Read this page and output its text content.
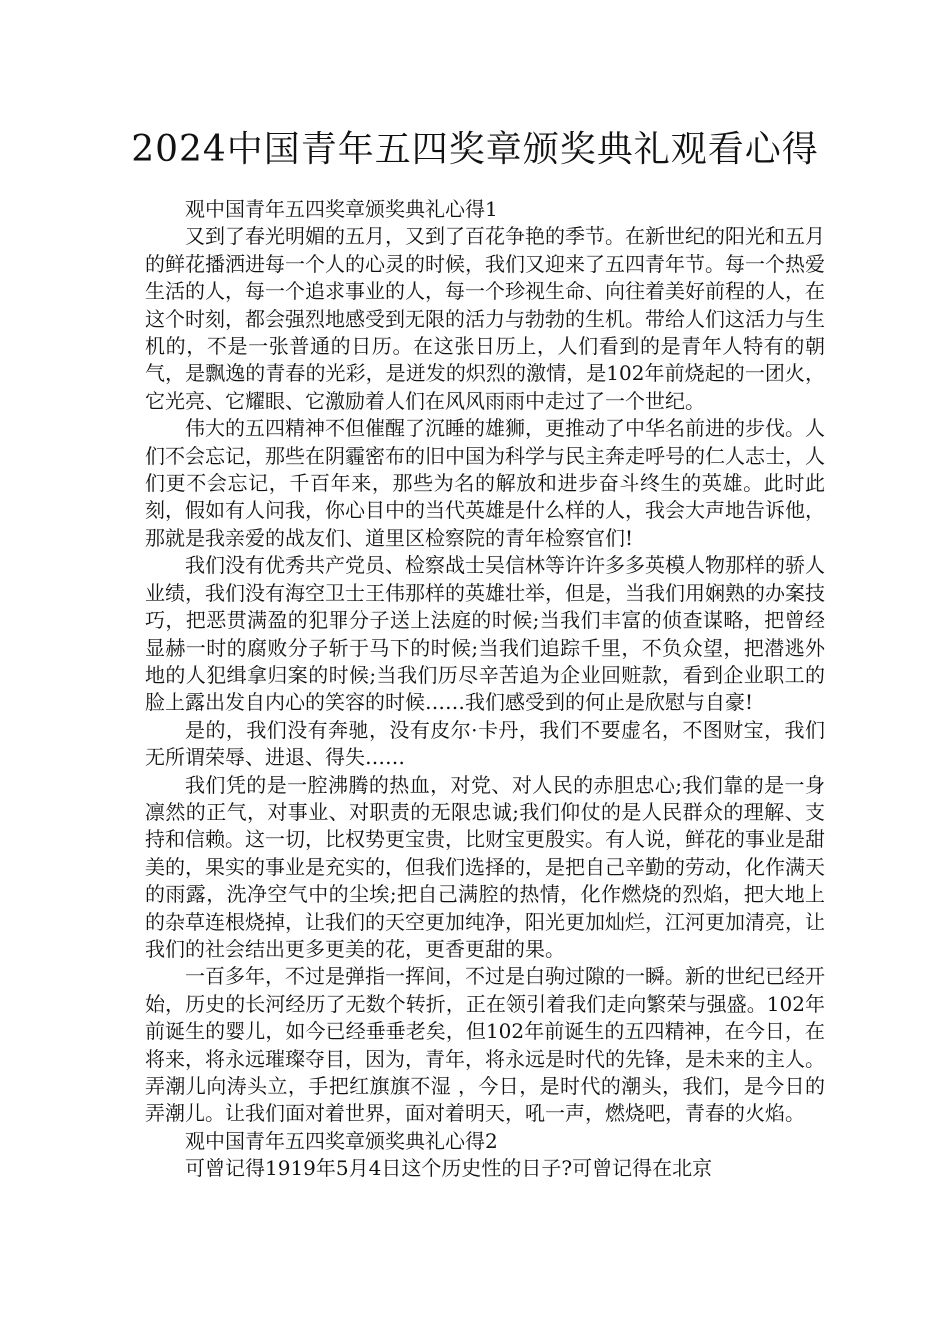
2024中国青年五四奖章颁奖典礼观看心得

观中国青年五四奖章颁奖典礼心得1

又到了春光明媚的五月，又到了百花争艳的季节。在新世纪的阳光和五月的鲜花播洒进每一个人的心灵的时候，我们又迎来了五四青年节。每一个热爱生活的人，每一个追求事业的人，每一个珍视生命、向往着美好前程的人，在这个时刻，都会强烈地感受到无限的活力与勃勃的生机。带给人们这活力与生机的，不是一张普通的日历。在这张日历上，人们看到的是青年人特有的朝气，是飘逸的青春的光彩，是迸发的炽烈的激情，是102年前烧起的一团火，它光亮、它耀眼、它激励着人们在风风雨雨中走过了一个世纪。

伟大的五四精神不但催醒了沉睡的雄狮，更推动了中华名前进的步伐。人们不会忘记，那些在阴霾密布的旧中国为科学与民主奔走呼号的仁人志士，人们更不会忘记，千百年来，那些为名的解放和进步奋斗终生的英雄。此时此刻，假如有人问我，你心目中的当代英雄是什么样的人，我会大声地告诉他，那就是我亲爱的战友们、道里区检察院的青年检察官们!

我们没有优秀共产党员、检察战士吴信林等许许多多英模人物那样的骄人业绩，我们没有海空卫士王伟那样的英雄壮举，但是，当我们用娴熟的办案技巧，把恶贯满盈的犯罪分子送上法庭的时候;当我们丰富的侦查谋略，把曾经显赫一时的腐败分子斩于马下的时候;当我们追踪千里，不负众望，把潜逃外地的人犯缉拿归案的时候;当我们历尽辛苦追为企业回赃款，看到企业职工的脸上露出发自内心的笑容的时候……我们感受到的何止是欣慰与自豪!

是的，我们没有奔驰，没有皮尔·卡丹，我们不要虚名，不图财宝，我们无所谓荣辱、进退、得失……

我们凭的是一腔沸腾的热血，对党、对人民的赤胆忠心;我们靠的是一身凛然的正气，对事业、对职责的无限忠诚;我们仰仗的是人民群众的理解、支持和信赖。这一切，比权势更宝贵，比财宝更殷实。有人说，鲜花的事业是甜美的，果实的事业是充实的，但我们选择的，是把自己辛勤的劳动，化作满天的雨露，洗净空气中的尘埃;把自己满腔的热情，化作燃烧的烈焰，把大地上的杂草连根烧掉，让我们的天空更加纯净，阳光更加灿烂，江河更加清亮，让我们的社会结出更多更美的花，更香更甜的果。

一百多年，不过是弹指一挥间，不过是白驹过隙的一瞬。新的世纪已经开始，历史的长河经历了无数个转折，正在领引着我们走向繁荣与强盛。102年前诞生的婴儿，如今已经垂垂老矣，但102年前诞生的五四精神，在今日，在将来，将永远璀璨夺目，因为，青年，将永远是时代的先锋，是未来的主人。 弄潮儿向涛头立，手把红旗旗不湿 ，今日，是时代的潮头，我们，是今日的弄潮儿。让我们面对着世界，面对着明天，吼一声，燃烧吧，青春的火焰。

观中国青年五四奖章颁奖典礼心得2

可曾记得1919年5月4日这个历史性的日子?可曾记得在北京
